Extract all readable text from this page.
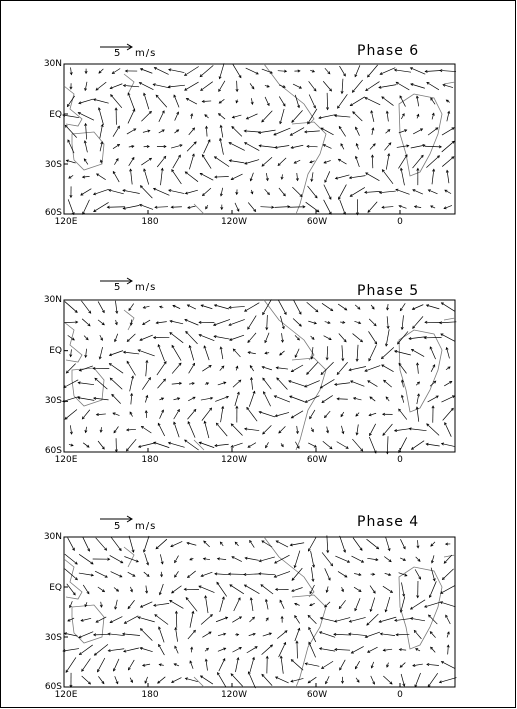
5 m/s	Phase 6
30N
EQ
30S
60S
120E	180	120W	60W	0
5 m/s	Phase 5
30N
EQ
30S
60S
120E	180	120W	60W	0
5 m/s	Phase 4
30N
EQ
30S
60S
120E	180	120W	60W	0
